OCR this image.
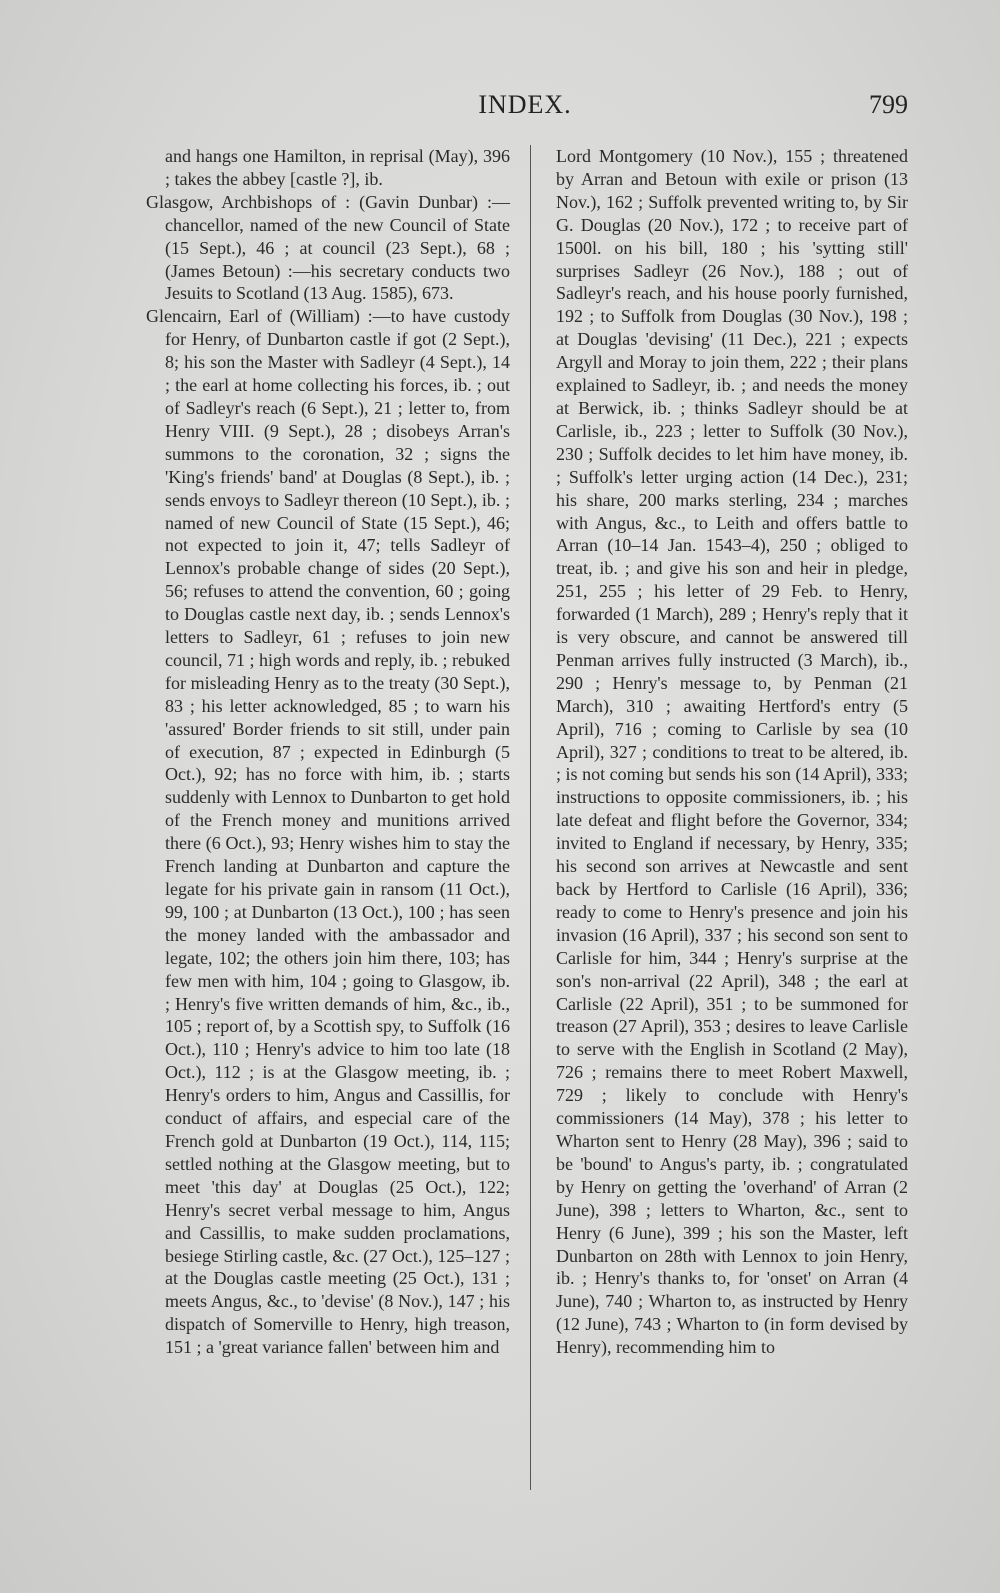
INDEX.	799

and hangs one Hamilton, in reprisal (May), 396 ; takes the abbey [castle ?], ib.

Glasgow, Archbishops of : (Gavin Dunbar) :— chancellor, named of the new Council of State (15 Sept.), 46 ; at council (23 Sept.), 68 ; (James Betoun) :—his secretary conducts two Jesuits to Scotland (13 Aug. 1585), 673.

Glencairn, Earl of (William) :—to have custody for Henry, of Dunbarton castle if got (2 Sept.), 8; his son the Master with Sadleyr (4 Sept.), 14 ; the earl at home collecting his forces, ib. ; out of Sadleyr's reach (6 Sept.), 21 ; letter to, from Henry VIII. (9 Sept.), 28 ; disobeys Arran's summons to the coronation, 32 ; signs the 'King's friends' band' at Douglas (8 Sept.), ib. ; sends envoys to Sadleyr thereon (10 Sept.), ib. ; named of new Council of State (15 Sept.), 46; not expected to join it, 47; tells Sadleyr of Lennox's probable change of sides (20 Sept.), 56; refuses to attend the convention, 60 ; going to Douglas castle next day, ib. ; sends Lennox's letters to Sadleyr, 61 ; refuses to join new council, 71 ; high words and reply, ib. ; rebuked for misleading Henry as to the treaty (30 Sept.), 83 ; his letter acknowledged, 85 ; to warn his 'assured' Border friends to sit still, under pain of execution, 87 ; expected in Edinburgh (5 Oct.), 92; has no force with him, ib. ; starts suddenly with Lennox to Dunbarton to get hold of the French money and munitions arrived there (6 Oct.), 93; Henry wishes him to stay the French landing at Dunbarton and capture the legate for his private gain in ransom (11 Oct.), 99, 100 ; at Dunbarton (13 Oct.), 100 ; has seen the money landed with the ambassador and legate, 102; the others join him there, 103; has few men with him, 104 ; going to Glasgow, ib. ; Henry's five written demands of him, &c., ib., 105 ; report of, by a Scottish spy, to Suffolk (16 Oct.), 110 ; Henry's advice to him too late (18 Oct.), 112 ; is at the Glasgow meeting, ib. ; Henry's orders to him, Angus and Cassillis, for conduct of affairs, and especial care of the French gold at Dunbarton (19 Oct.), 114, 115; settled nothing at the Glasgow meeting, but to meet 'this day' at Douglas (25 Oct.), 122; Henry's secret verbal message to him, Angus and Cassillis, to make sudden proclamations, besiege Stirling castle, &c. (27 Oct.), 125–127 ; at the Douglas castle meeting (25 Oct.), 131 ; meets Angus, &c., to 'devise' (8 Nov.), 147 ; his dispatch of Somerville to Henry, high treason, 151 ; a 'great variance fallen' between him and

Lord Montgomery (10 Nov.), 155 ; threatened by Arran and Betoun with exile or prison (13 Nov.), 162 ; Suffolk prevented writing to, by Sir G. Douglas (20 Nov.), 172 ; to receive part of 1500l. on his bill, 180 ; his 'sytting still' surprises Sadleyr (26 Nov.), 188 ; out of Sadleyr's reach, and his house poorly furnished, 192 ; to Suffolk from Douglas (30 Nov.), 198 ; at Douglas 'devising' (11 Dec.), 221 ; expects Argyll and Moray to join them, 222 ; their plans explained to Sadleyr, ib. ; and needs the money at Berwick, ib. ; thinks Sadleyr should be at Carlisle, ib., 223 ; letter to Suffolk (30 Nov.), 230 ; Suffolk decides to let him have money, ib. ; Suffolk's letter urging action (14 Dec.), 231; his share, 200 marks sterling, 234 ; marches with Angus, &c., to Leith and offers battle to Arran (10–14 Jan. 1543–4), 250 ; obliged to treat, ib. ; and give his son and heir in pledge, 251, 255 ; his letter of 29 Feb. to Henry, forwarded (1 March), 289 ; Henry's reply that it is very obscure, and cannot be answered till Penman arrives fully instructed (3 March), ib., 290 ; Henry's message to, by Penman (21 March), 310 ; awaiting Hertford's entry (5 April), 716 ; coming to Carlisle by sea (10 April), 327 ; conditions to treat to be altered, ib. ; is not coming but sends his son (14 April), 333; instructions to opposite commissioners, ib. ; his late defeat and flight before the Governor, 334; invited to England if necessary, by Henry, 335; his second son arrives at Newcastle and sent back by Hertford to Carlisle (16 April), 336; ready to come to Henry's presence and join his invasion (16 April), 337 ; his second son sent to Carlisle for him, 344 ; Henry's surprise at the son's non-arrival (22 April), 348 ; the earl at Carlisle (22 April), 351 ; to be summoned for treason (27 April), 353 ; desires to leave Carlisle to serve with the English in Scotland (2 May), 726 ; remains there to meet Robert Maxwell, 729 ; likely to conclude with Henry's commissioners (14 May), 378 ; his letter to Wharton sent to Henry (28 May), 396 ; said to be 'bound' to Angus's party, ib. ; congratulated by Henry on getting the 'overhand' of Arran (2 June), 398 ; letters to Wharton, &c., sent to Henry (6 June), 399 ; his son the Master, left Dunbarton on 28th with Lennox to join Henry, ib. ; Henry's thanks to, for 'onset' on Arran (4 June), 740 ; Wharton to, as instructed by Henry (12 June), 743 ; Wharton to (in form devised by Henry), recommending him to
